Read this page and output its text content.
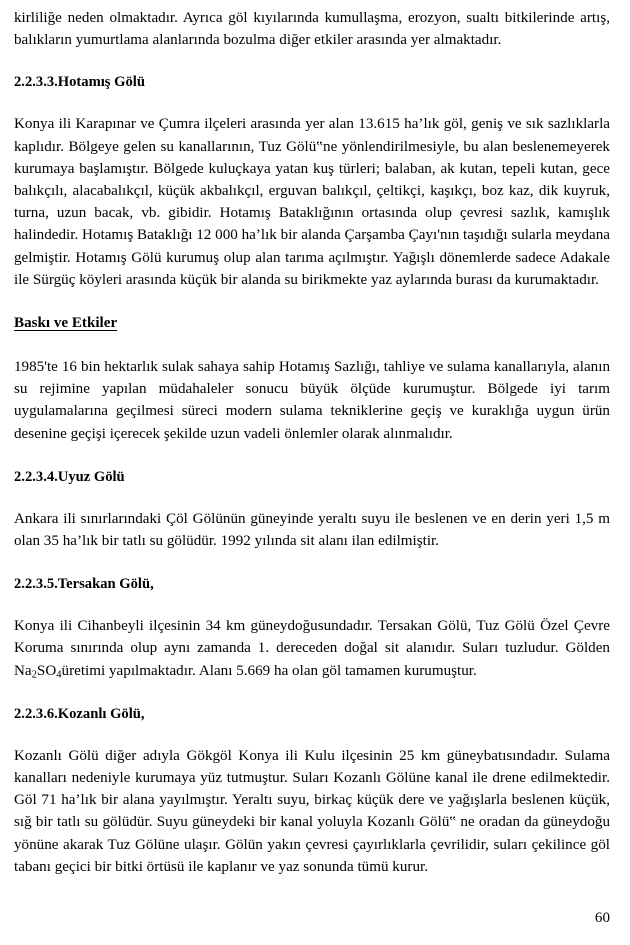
kirliliğe neden olmaktadır. Ayrıca göl kıyılarında kumullaşma, erozyon, sualtı bitkilerinde artış, balıkların yumurtlama alanlarında bozulma diğer etkiler arasında yer almaktadır.

2.2.3.3.Hotamış Gölü

Konya ili Karapınar ve Çumra ilçeleri arasında yer alan 13.615 ha’lık göl, geniş ve sık sazlıklarla kaplıdır. Bölgeye gelen su kanallarının, Tuz Gölü‟ne yönlendirilmesiyle, bu alan beslenemeyerek kurumaya başlamıştır. Bölgede kuluçkaya yatan kuş türleri; balaban, ak kutan, tepeli kutan, gece balıkçılı, alacabalıkçıl, küçük akbalıkçıl, erguvan balıkçıl, çeltikçi, kaşıkçı, boz kaz, dik kuyruk, turna, uzun bacak, vb. gibidir. Hotamış Bataklığının ortasında olup çevresi sazlık, kamışlık halindedir. Hotamış Bataklığı 12 000 ha’lık bir alanda Çarşamba Çayı'nın taşıdığı sularla meydana gelmiştir. Hotamış Gölü kurumuş olup alan tarıma açılmıştır. Yağışlı dönemlerde sadece Adakale ile Sürgüç köyleri arasında küçük bir alanda su birikmekte yaz aylarında burası da kurumaktadır.

Baskı ve Etkiler

1985'te 16 bin hektarlık sulak sahaya sahip Hotamış Sazlığı, tahliye ve sulama kanallarıyla, alanın su rejimine yapılan müdahaleler sonucu büyük ölçüde kurumuştur. Bölgede iyi tarım uygulamalarına geçilmesi süreci modern sulama tekniklerine geçiş ve kuraklığa uygun ürün desenine geçişi içerecek şekilde uzun vadeli önlemler olarak alınmalıdır.

2.2.3.4.Uyuz Gölü

Ankara ili sınırlarındaki Çöl Gölünün güneyinde yeraltı suyu ile beslenen ve en derin yeri 1,5 m olan 35 ha’lık bir tatlı su gölüdür. 1992 yılında sit alanı ilan edilmiştir.

2.2.3.5.Tersakan Gölü,

Konya ili Cihanbeyli ilçesinin 34 km güneydoğusundadır. Tersakan Gölü, Tuz Gölü Özel Çevre Koruma sınırında olup aynı zamanda 1. dereceden doğal sit alanıdır. Suları tuzludur. Gölden $Na_2SO_4üretimi$ yapılmaktadır. Alanı 5.669 ha olan göl tamamen kurumuştur.

2.2.3.6.Kozanlı Gölü,

Kozanlı Gölü diğer adıyla Gökgöl Konya ili Kulu ilçesinin 25 km güneybatısındadır. Sulama kanalları nedeniyle kurumaya yüz tutmuştur. Suları Kozanlı Gölüne kanal ile drene edilmektedir. Göl 71 ha’lık bir alana yayılmıştır. Yeraltı suyu, birkaç küçük dere ve yağışlarla beslenen küçük, sığ bir tatlı su gölüdür. Suyu güneydeki bir kanal yoluyla Kozanlı Gölü‟ ne oradan da güneydoğu yönüne akarak Tuz Gölüne ulaşır. Gölün yakın çevresi çayırlıklarla çevrilidir, suları çekilince göl tabanı geçici bir bitki örtüsü ile kaplanır ve yaz sonunda tümü kurur.

60
